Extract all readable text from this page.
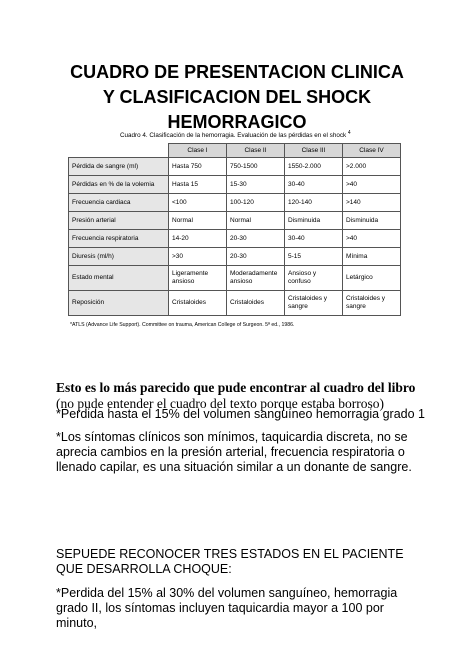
CUADRO DE PRESENTACION CLINICA
Y CLASIFICACION DEL SHOCK
HEMORRAGICO
Cuadro 4. Clasificación de la hemorragia. Evaluación de las pérdidas en el shock $^4$
	Clase I	Clase II	Clase III	Clase IV
Pérdida de sangre (ml)	Hasta 750	750-1500	1550-2.000	>2.000
Pérdidas en % de la volemia	Hasta 15	15-30	30-40	>40
Frecuencia cardiaca	<100	100-120	120-140	>140
Presión arterial	Normal	Normal	Disminuida	Disminuida
Frecuencia respiratoria	14-20	20-30	30-40	>40
Diuresis (ml/h)	>30	20-30	5-15	Mínima
Estado mental	Ligeramente ansioso	Moderadamente ansioso	Ansioso y confuso	Letárgico
Reposición	Cristaloides	Cristaloides	Cristaloides y sangre	Cristaloides y sangre
*ATLS (Advance Life Support). Committee on trauma, American College of Surgeon. 5ª ed., 1986.

Esto es lo más parecido que pude encontrar al cuadro del libro (no pude entender el cuadro del texto porque estaba borroso)

*Perdida hasta el 15% del volumen sanguíneo hemorragia grado 1

*Los síntomas clínicos son mínimos, taquicardia discreta, no se aprecia cambios en la presión arterial, frecuencia respiratoria o llenado capilar, es una situación similar a un donante de sangre.

SEPUEDE RECONOCER TRES ESTADOS EN EL PACIENTE QUE DESARROLLA CHOQUE:

*Perdida del 15% al 30% del volumen sanguíneo, hemorragia grado II, los síntomas incluyen taquicardia mayor a 100 por minuto,
